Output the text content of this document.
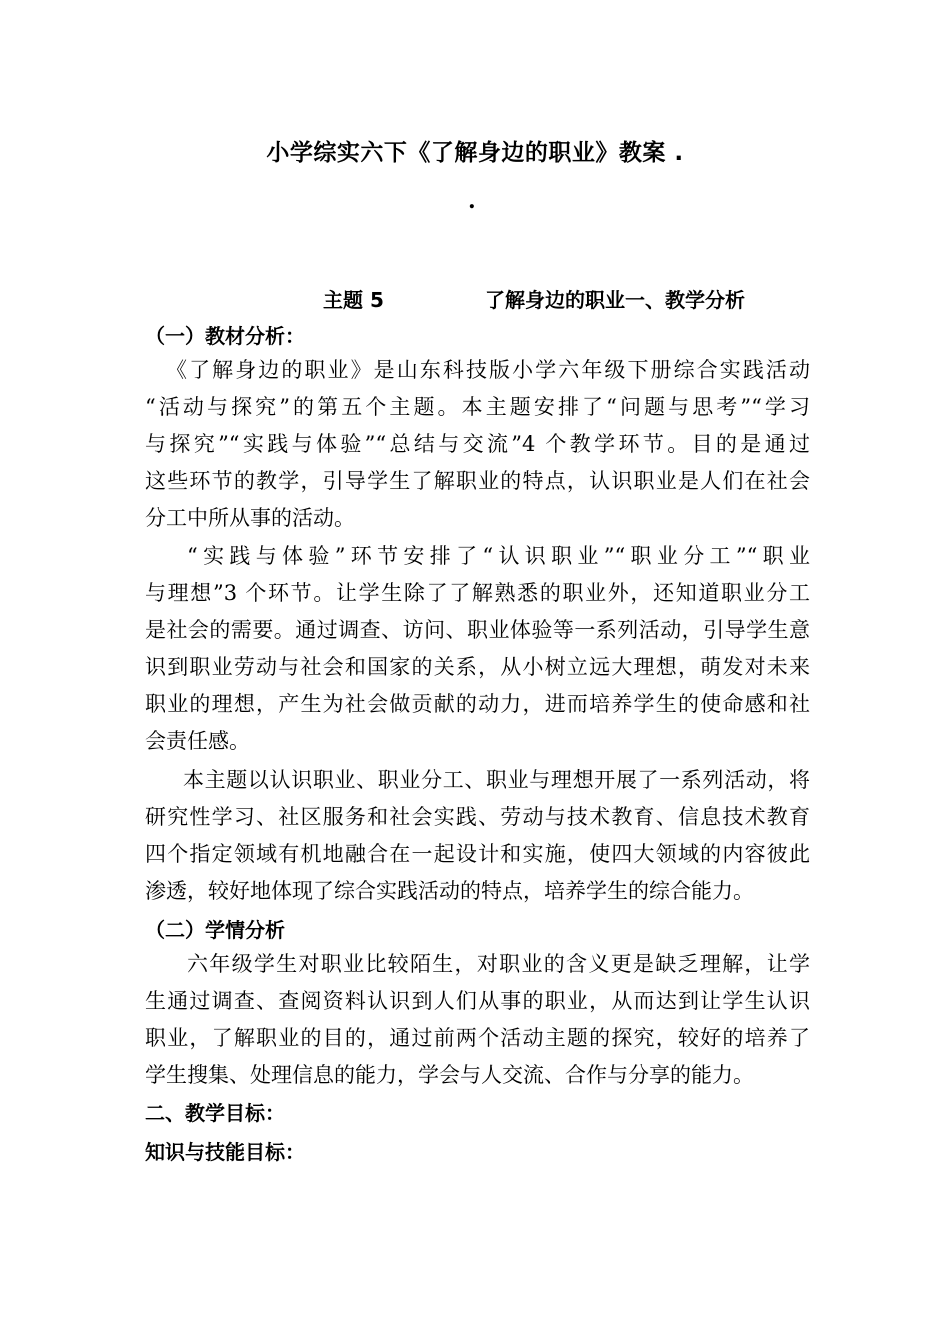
小学综实六下《了解身边的职业》教案 .
.
主题 5	了解身边的职业一、教学分析
（一）教材分析：
《了解身边的职业》是山东科技版小学六年级下册综合实践活动
“活动与探究”的第五个主题。本主题安排了“问题与思考”“学习
与探究”“实践与体验”“总结与交流”4 个教学环节。目的是通过
这些环节的教学，引导学生了解职业的特点，认识职业是人们在社会
分工中所从事的活动。
“实践与体验”环节安排了“认识职业”“职业分工”“职业
与理想”3 个环节。让学生除了了解熟悉的职业外，还知道职业分工
是社会的需要。通过调查、访问、职业体验等一系列活动，引导学生意
识到职业劳动与社会和国家的关系，从小树立远大理想，萌发对未来
职业的理想，产生为社会做贡献的动力，进而培养学生的使命感和社
会责任感。
本主题以认识职业、职业分工、职业与理想开展了一系列活动，将
研究性学习、社区服务和社会实践、劳动与技术教育、信息技术教育
四个指定领域有机地融合在一起设计和实施，使四大领域的内容彼此
渗透，较好地体现了综合实践活动的特点，培养学生的综合能力。
（二）学情分析
六年级学生对职业比较陌生，对职业的含义更是缺乏理解，让学
生通过调查、查阅资料认识到人们从事的职业，从而达到让学生认识
职业，了解职业的目的，通过前两个活动主题的探究，较好的培养了
学生搜集、处理信息的能力，学会与人交流、合作与分享的能力。
二、教学目标：
知识与技能目标：
